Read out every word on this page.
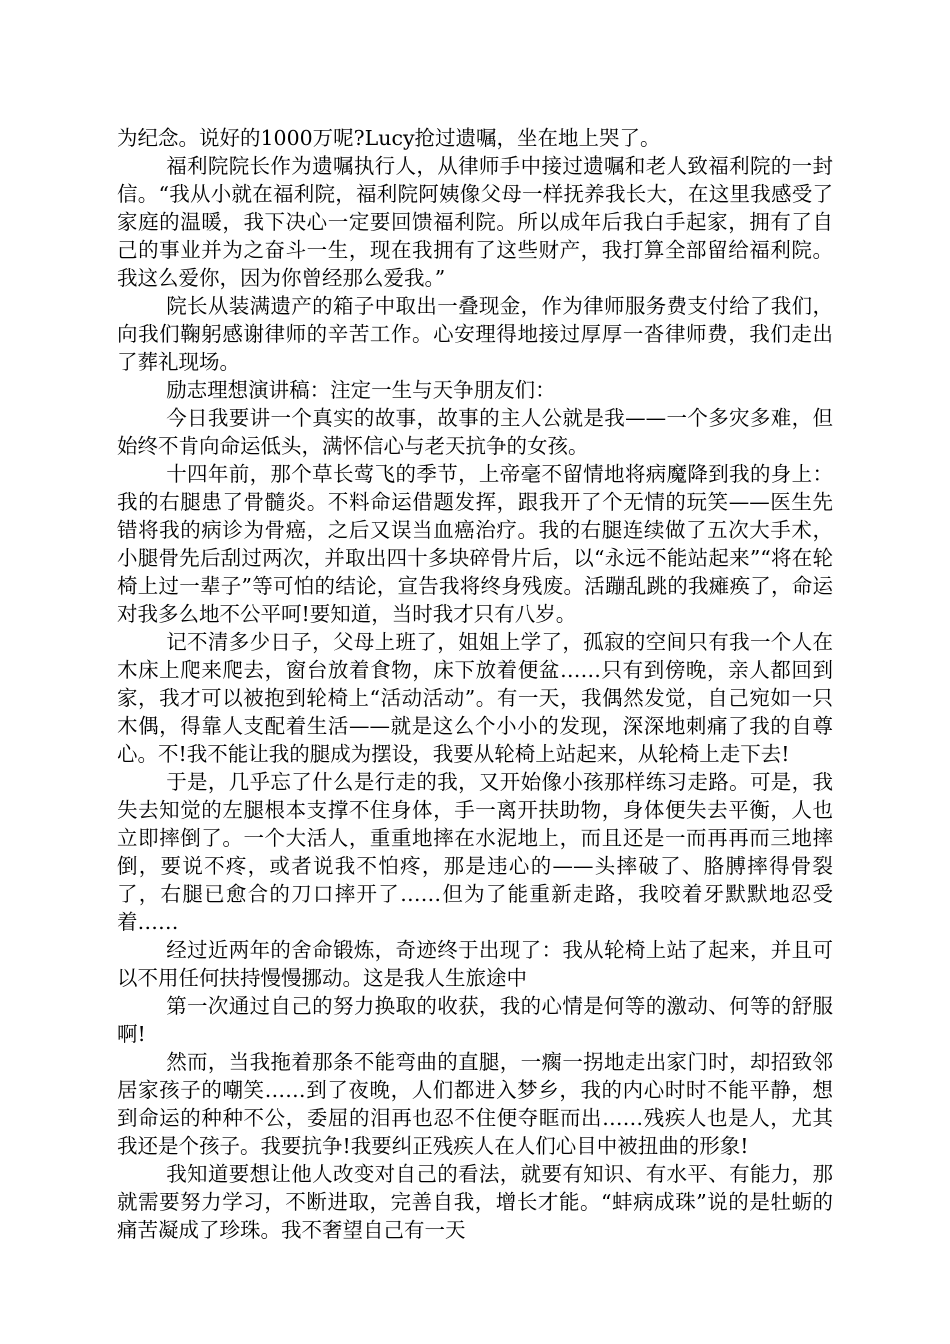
为纪念。说好的1000万呢?Lucy抢过遗嘱，坐在地上哭了。

福利院院长作为遗嘱执行人，从律师手中接过遗嘱和老人致福利院的一封信。“我从小就在福利院，福利院阿姨像父母一样抚养我长大，在这里我感受了家庭的温暖，我下决心一定要回馈福利院。所以成年后我白手起家，拥有了自己的事业并为之奋斗一生，现在我拥有了这些财产，我打算全部留给福利院。我这么爱你，因为你曾经那么爱我。”

院长从装满遗产的箱子中取出一叠现金，作为律师服务费支付给了我们，向我们鞠躬感谢律师的辛苦工作。心安理得地接过厚厚一沓律师费，我们走出了葬礼现场。

励志理想演讲稿：注定一生与天争朋友们：

今日我要讲一个真实的故事，故事的主人公就是我——一个多灾多难，但始终不肯向命运低头，满怀信心与老天抗争的女孩。

十四年前，那个草长莺飞的季节，上帝毫不留情地将病魔降到我的身上：我的右腿患了骨髓炎。不料命运借题发挥，跟我开了个无情的玩笑——医生先错将我的病诊为骨癌，之后又误当血癌治疗。我的右腿连续做了五次大手术，小腿骨先后刮过两次，并取出四十多块碎骨片后，以“永远不能站起来”“将在轮椅上过一辈子”等可怕的结论，宣告我将终身残废。活蹦乱跳的我瘫痪了，命运对我多么地不公平呵!要知道，当时我才只有八岁。

记不清多少日子，父母上班了，姐姐上学了，孤寂的空间只有我一个人在木床上爬来爬去，窗台放着食物，床下放着便盆……只有到傍晚，亲人都回到家，我才可以被抱到轮椅上“活动活动”。有一天，我偶然发觉，自己宛如一只木偶，得靠人支配着生活——就是这么个小小的发现，深深地刺痛了我的自尊心。不!我不能让我的腿成为摆设，我要从轮椅上站起来，从轮椅上走下去!

于是，几乎忘了什么是行走的我，又开始像小孩那样练习走路。可是，我失去知觉的左腿根本支撑不住身体，手一离开扶助物，身体便失去平衡，人也立即摔倒了。一个大活人，重重地摔在水泥地上，而且还是一而再再而三地摔倒，要说不疼，或者说我不怕疼，那是违心的——头摔破了、胳膊摔得骨裂了，右腿已愈合的刀口摔开了……但为了能重新走路，我咬着牙默默地忍受着……

经过近两年的舍命锻炼，奇迹终于出现了：我从轮椅上站了起来，并且可以不用任何扶持慢慢挪动。这是我人生旅途中

第一次通过自己的努力换取的收获，我的心情是何等的激动、何等的舒服啊!

然而，当我拖着那条不能弯曲的直腿，一瘸一拐地走出家门时，却招致邻居家孩子的嘲笑……到了夜晚，人们都进入梦乡，我的内心时时不能平静，想到命运的种种不公，委屈的泪再也忍不住便夺眶而出……残疾人也是人，尤其我还是个孩子。我要抗争!我要纠正残疾人在人们心目中被扭曲的形象!

我知道要想让他人改变对自己的看法，就要有知识、有水平、有能力，那就需要努力学习，不断进取，完善自我，增长才能。“蚌病成珠”说的是牡蛎的痛苦凝成了珍珠。我不奢望自己有一天
